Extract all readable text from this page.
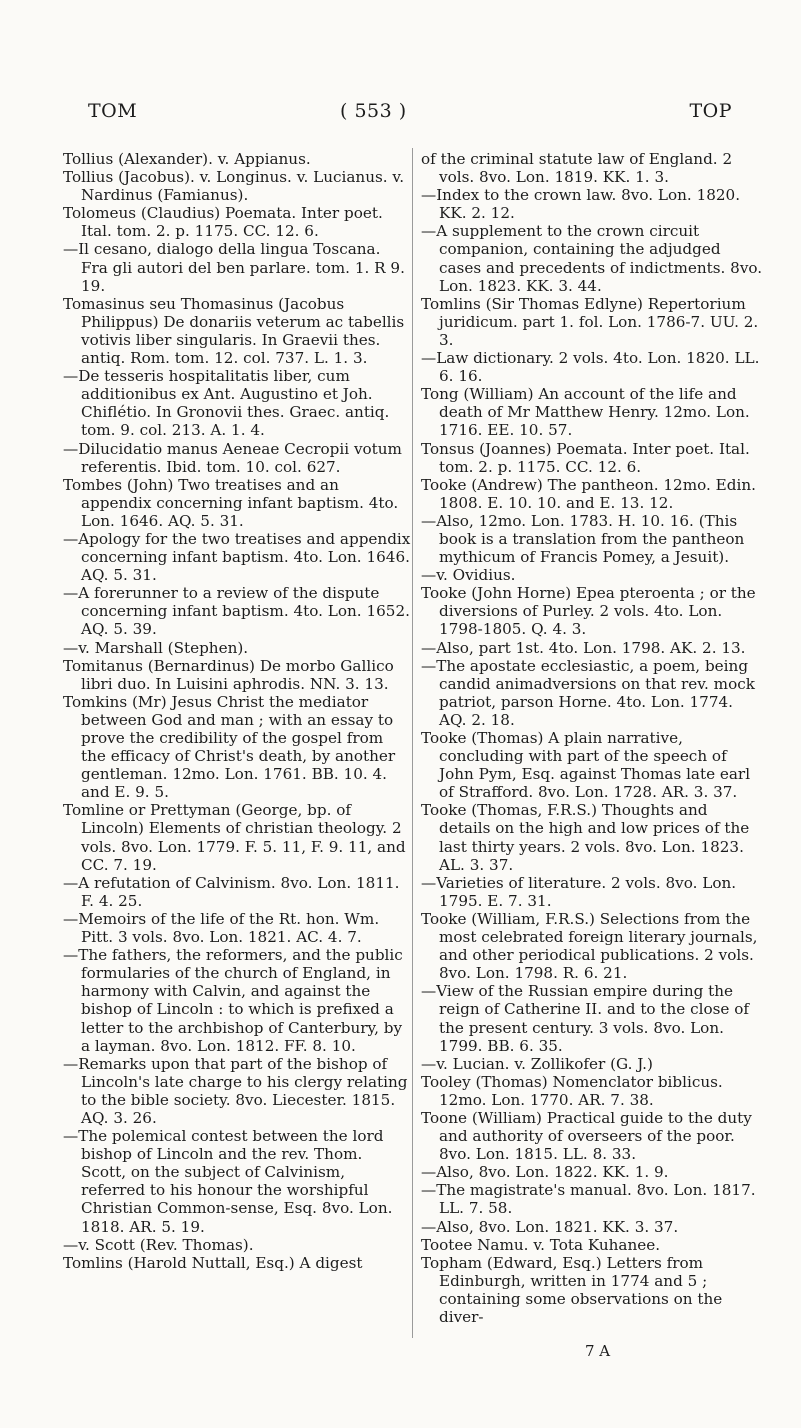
TOM	( 553 )	TOP

Tollius (Alexander). v. Appianus.

Tollius (Jacobus). v. Longinus. v. Lucianus. v. Nardinus (Famianus).

Tolomeus (Claudius) Poemata. Inter poet. Ital. tom. 2. p. 1175. CC. 12. 6.

—Il cesano, dialogo della lingua Toscana. Fra gli autori del ben parlare. tom. 1. R 9. 19.

Tomasinus seu Thomasinus (Jacobus Philippus) De donariis veterum ac tabellis votivis liber singularis. In Graevii thes. antiq. Rom. tom. 12. col. 737. L. 1. 3.

—De tesseris hospitalitatis liber, cum additionibus ex Ant. Augustino et Joh. Chiflétio. In Gronovii thes. Graec. antiq. tom. 9. col. 213. A. 1. 4.

—Dilucidatio manus Aeneae Cecropii votum referentis. Ibid. tom. 10. col. 627.

Tombes (John) Two treatises and an appendix concerning infant baptism. 4to. Lon. 1646. AQ. 5. 31.

—Apology for the two treatises and appendix concerning infant baptism. 4to. Lon. 1646. AQ. 5. 31.

—A forerunner to a review of the dispute concerning infant baptism. 4to. Lon. 1652. AQ. 5. 39.

—v. Marshall (Stephen).

Tomitanus (Bernardinus) De morbo Gallico libri duo. In Luisini aphrodis. NN. 3. 13.

Tomkins (Mr) Jesus Christ the mediator between God and man ; with an essay to prove the credibility of the gospel from the efficacy of Christ's death, by another gentleman. 12mo. Lon. 1761. BB. 10. 4. and E. 9. 5.

Tomline or Prettyman (George, bp. of Lincoln) Elements of christian theology. 2 vols. 8vo. Lon. 1779. F. 5. 11, F. 9. 11, and CC. 7. 19.

—A refutation of Calvinism. 8vo. Lon. 1811. F. 4. 25.

—Memoirs of the life of the Rt. hon. Wm. Pitt. 3 vols. 8vo. Lon. 1821. AC. 4. 7.

—The fathers, the reformers, and the public formularies of the church of England, in harmony with Calvin, and against the bishop of Lincoln : to which is prefixed a letter to the archbishop of Canterbury, by a layman. 8vo. Lon. 1812. FF. 8. 10.

—Remarks upon that part of the bishop of Lincoln's late charge to his clergy relating to the bible society. 8vo. Liecester. 1815. AQ. 3. 26.

—The polemical contest between the lord bishop of Lincoln and the rev. Thom. Scott, on the subject of Calvinism, referred to his honour the worshipful Christian Common-sense, Esq. 8vo. Lon. 1818. AR. 5. 19.

—v. Scott (Rev. Thomas).

Tomlins (Harold Nuttall, Esq.) A digest

of the criminal statute law of England. 2 vols. 8vo. Lon. 1819. KK. 1. 3.

—Index to the crown law. 8vo. Lon. 1820. KK. 2. 12.

—A supplement to the crown circuit companion, containing the adjudged cases and precedents of indictments. 8vo. Lon. 1823. KK. 3. 44.

Tomlins (Sir Thomas Edlyne) Repertorium juridicum. part 1. fol. Lon. 1786-7. UU. 2. 3.

—Law dictionary. 2 vols. 4to. Lon. 1820. LL. 6. 16.

Tong (William) An account of the life and death of Mr Matthew Henry. 12mo. Lon. 1716. EE. 10. 57.

Tonsus (Joannes) Poemata. Inter poet. Ital. tom. 2. p. 1175. CC. 12. 6.

Tooke (Andrew) The pantheon. 12mo. Edin. 1808. E. 10. 10. and E. 13. 12.

—Also, 12mo. Lon. 1783. H. 10. 16. (This book is a translation from the pantheon mythicum of Francis Pomey, a Jesuit).

—v. Ovidius.

Tooke (John Horne) Epea pteroenta ; or the diversions of Purley. 2 vols. 4to. Lon. 1798-1805. Q. 4. 3.

—Also, part 1st. 4to. Lon. 1798. AK. 2. 13.

—The apostate ecclesiastic, a poem, being candid animadversions on that rev. mock patriot, parson Horne. 4to. Lon. 1774. AQ. 2. 18.

Tooke (Thomas) A plain narrative, concluding with part of the speech of John Pym, Esq. against Thomas late earl of Strafford. 8vo. Lon. 1728. AR. 3. 37.

Tooke (Thomas, F.R.S.) Thoughts and details on the high and low prices of the last thirty years. 2 vols. 8vo. Lon. 1823. AL. 3. 37.

—Varieties of literature. 2 vols. 8vo. Lon. 1795. E. 7. 31.

Tooke (William, F.R.S.) Selections from the most celebrated foreign literary journals, and other periodical publications. 2 vols. 8vo. Lon. 1798. R. 6. 21.

—View of the Russian empire during the reign of Catherine II. and to the close of the present century. 3 vols. 8vo. Lon. 1799. BB. 6. 35.

—v. Lucian. v. Zollikofer (G. J.)

Tooley (Thomas) Nomenclator biblicus. 12mo. Lon. 1770. AR. 7. 38.

Toone (William) Practical guide to the duty and authority of overseers of the poor. 8vo. Lon. 1815. LL. 8. 33.

—Also, 8vo. Lon. 1822. KK. 1. 9.

—The magistrate's manual. 8vo. Lon. 1817. LL. 7. 58.

—Also, 8vo. Lon. 1821. KK. 3. 37.

Tootee Namu. v. Tota Kuhanee.

Topham (Edward, Esq.) Letters from Edinburgh, written in 1774 and 5 ; containing some observations on the diver-

7 A
